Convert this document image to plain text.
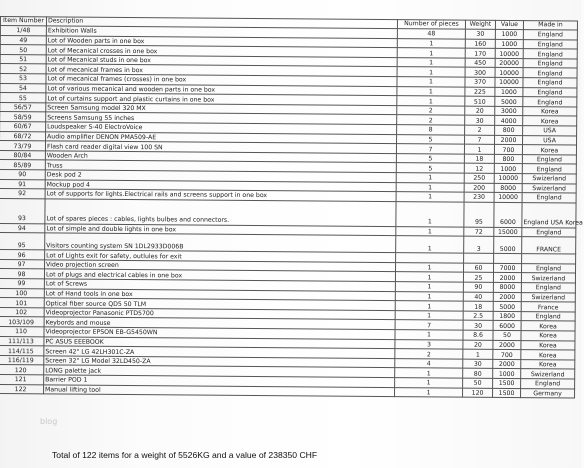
Item Number	Description	Number of pieces	Weight	Value	Made in
1/48	Exhibition Walls	48	30	1000	England
49	Lot of Wooden parts in one box	1	160	1000	England
50	Lot of Mecanical crosses in one box	1	170	10000	England
51	Lot of Mecanical studs in one box	1	450	20000	England
52	Lot of mecanical frames in box	1	300	10000	England
53	Lot of mecanical frames (crosses) in one box	1	370	10000	England
54	Lot of various mecanical and wooden parts in one box	1	225	1000	England
55	Lot of curtains support and plastic curtains in one box	1	510	5000	England
56/57	Screen Samsung model 320 MX	2	20	3000	Korea
58/59	Screens Samsung 55 inches	2	30	4000	Korea
60/67	Loudspeaker S-40 ElectroVoice	8	2	800	USA
68/72	Audio amplifier DENON PMA509-AE	5	7	2000	USA
73/79	Flash card reader digital view 100 SN	7	1	700	Korea
80/84	Wooden Arch	5	18	800	England
85/89	Truss	5	12	1000	England
90	Desk pod 2	1	250	10000	Swizerland
91	Mockup pod 4	1	200	8000	Swizerland
92	Lot of supports for lights.Electrical rails and screens support in one box	1	230	10000	England
93	Lot of spares pieces : cables, lights bulbes and connectors.	1	95	6000	England USA Korea
94	Lot of simple and double lights in one box	1	72	15000	England
95	Visitors counting system SN 1DL2933D006B	1	3	5000	FRANCE
96	Lot of Lights exit for safety, outlules for exit				
97	Video projection screen	1	60	7000	England
98	Lot of plugs and electrical cables in one box	1	25	2000	Swizerland
99	Lot of Screws	1	90	8000	England
100	Lot of Hand tools in one box	1	40	2000	Swizerland
101	Optical fiber source QD5 50 TLM	1	18	5000	France
102	Videoprojector Panasonic PTD5700	1	2.5	1800	England
103/109	Keybords and mouse	7	30	6000	Korea
110	Videoprojector EPSON EB-G5450WN	1	8.6	50	Korea
111/113	PC ASUS EEEBOOK	3	20	2000	Korea
114/115	Screen 42" LG 42LH301C-ZA	2	1	700	Korea
116/119	Screen 32" LG Model 32LD450-ZA	4	30	2000	Korea
120	LONG palette jack	1	80	1000	Swizerland
121	Barrier POD 1	1	50	1500	England
122	Manual lifting tool	1	120	1500	Germany
blog
Total of 122 items for a weight of 5526KG and a value of 238350 CHF
